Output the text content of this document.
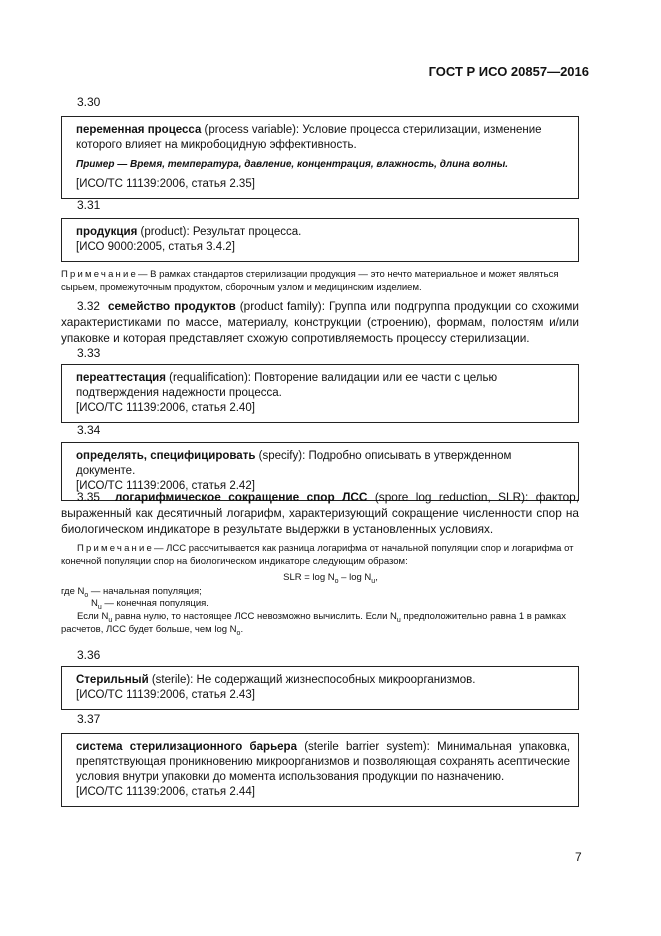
ГОСТ Р ИСО 20857—2016
3.30

переменная процесса (process variable): Условие процесса стерилизации, изменение которого влияет на микробоцидную эффективность.

Пример — Время, температура, давление, концентрация, влажность, длина волны.

[ИСО/ТС 11139:2006, статья 2.35]

3.31

продукция (product): Результат процесса.

[ИСО 9000:2005, статья 3.4.2]

Примечание— В рамках стандартов стерилизации продукция — это нечто материальное и может являться сырьем, промежуточным продуктом, сборочным узлом и медицинским изделием.
3.32 семейство продуктов (product family): Группа или подгруппа продукции со схожими характеристиками по массе, материалу, конструкции (строению), формам, полостям и/или упаковке и которая представляет схожую сопротивляемость процессу стерилизации.
3.33

переаттестация (requalification): Повторение валидации или ее части с целью подтверждения надежности процесса.

[ИСО/ТС 11139:2006, статья 2.40]

3.34

определять, специфицировать (specify): Подробно описывать в утвержденном документе.

[ИСО/ТС 11139:2006, статья 2.42]

3.35 логарифмическое сокращение спор ЛСС (spore log reduction, SLR): фактор, выраженный как десятичный логарифм, характеризующий сокращение численности спор на биологическом индикаторе в результате выдержки в установленных условиях.
Примечание— ЛСС рассчитывается как разница логарифма от начальной популяции спор и логарифма от конечной популяции спор на биологическом индикаторе следующим образом:
SLR = $\log N_o$ – $\log N_u$,
где $N_o$ — начальная популяция;
$N_u$ — конечная популяция.
Если $N_u$ равна нулю, то настоящее ЛСС невозможно вычислить. Если $N_u$ предположительно равна 1 в рамках
расчетов, ЛСС будет больше, чем $\log N_o$.
3.36

Стерильный (sterile): Не содержащий жизнеспособных микроорганизмов.

[ИСО/ТС 11139:2006, статья 2.43]

3.37

система стерилизационного барьера (sterile barrier system): Минимальная упаковка, препятствующая проникновению микроорганизмов и позволяющая сохранять асептические условия внутри упаковки до момента использования продукции по назначению.

[ИСО/ТС 11139:2006, статья 2.44]

7
